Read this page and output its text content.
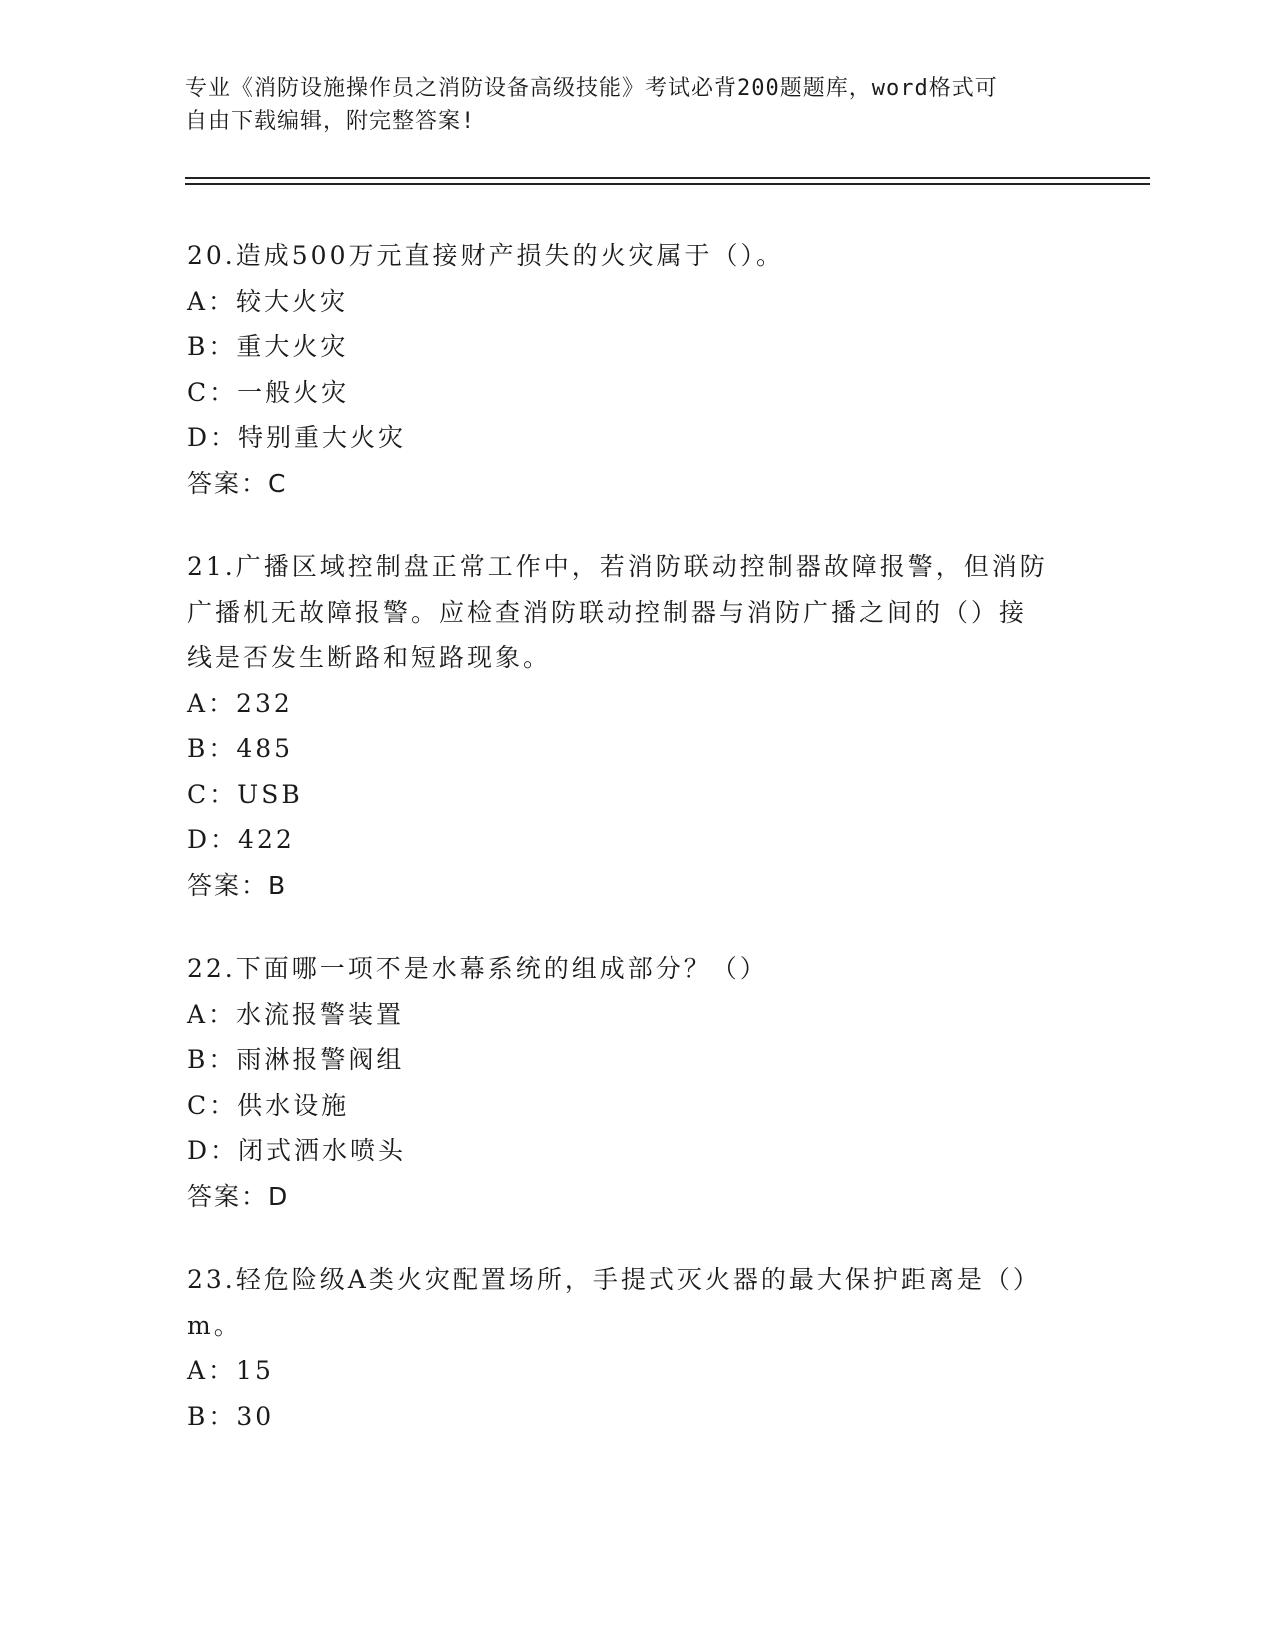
专业《消防设施操作员之消防设备高级技能》考试必背200题题库，word格式可
自由下载编辑，附完整答案!
20.造成500万元直接财产损失的火灾属于（）。
A：较大火灾
B：重大火灾
C：一般火灾
D：特别重大火灾
答案：C
21.广播区域控制盘正常工作中，若消防联动控制器故障报警，但消防
广播机无故障报警。应检查消防联动控制器与消防广播之间的（）接
线是否发生断路和短路现象。
A：232
B：485
C：USB
D：422
答案：B
22.下面哪一项不是水幕系统的组成部分？（）
A：水流报警装置
B：雨淋报警阀组
C：供水设施
D：闭式洒水喷头
答案：D
23.轻危险级A类火灾配置场所，手提式灭火器的最大保护距离是（）
m。
A：15
B：30
